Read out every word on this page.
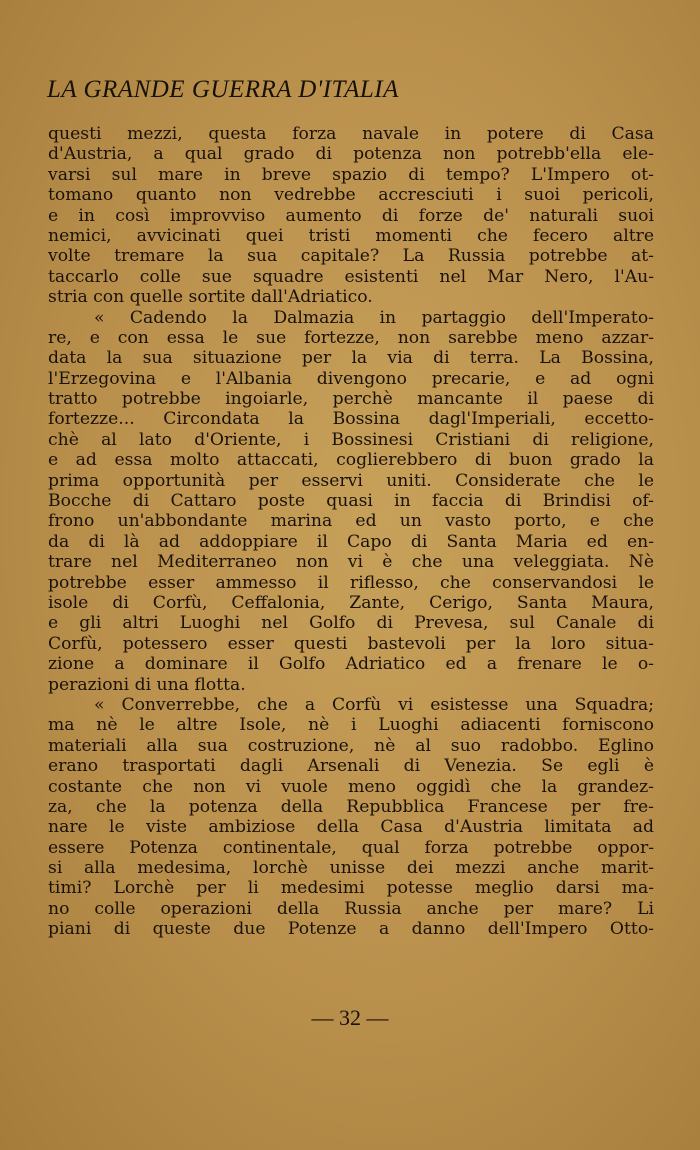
LA GRANDE GUERRA D'ITALIA
questi mezzi, questa forza navale in potere di Casa
d'Austria, a qual grado di potenza non potrebb'ella ele-
varsi sul mare in breve spazio di tempo? L'Impero ot-
tomano quanto non vedrebbe accresciuti i suoi pericoli,
e in così improvviso aumento di forze de' naturali suoi
nemici, avvicinati quei tristi momenti che fecero altre
volte tremare la sua capitale? La Russia potrebbe at-
taccarlo colle sue squadre esistenti nel Mar Nero, l'Au-
stria con quelle sortite dall'Adriatico.
« Cadendo la Dalmazia in partaggio dell'Imperato-
re, e con essa le sue fortezze, non sarebbe meno azzar-
data la sua situazione per la via di terra. La Bossina,
l'Erzegovina e l'Albania divengono precarie, e ad ogni
tratto potrebbe ingoiarle, perchè mancante il paese di
fortezze... Circondata la Bossina dagl'Imperiali, eccetto-
chè al lato d'Oriente, i Bossinesi Cristiani di religione,
e ad essa molto attaccati, coglierebbero di buon grado la
prima opportunità per esservi uniti. Considerate che le
Bocche di Cattaro poste quasi in faccia di Brindisi of-
frono un'abbondante marina ed un vasto porto, e che
da di là ad addoppiare il Capo di Santa Maria ed en-
trare nel Mediterraneo non vi è che una veleggiata. Nè
potrebbe esser ammesso il riflesso, che conservandosi le
isole di Corfù, Ceffalonia, Zante, Cerigo, Santa Maura,
e gli altri Luoghi nel Golfo di Prevesa, sul Canale di
Corfù, potessero esser questi bastevoli per la loro situa-
zione a dominare il Golfo Adriatico ed a frenare le o-
perazioni di una flotta.
« Converrebbe, che a Corfù vi esistesse una Squadra;
ma nè le altre Isole, nè i Luoghi adiacenti forniscono
materiali alla sua costruzione, nè al suo radobbo. Eglino
erano trasportati dagli Arsenali di Venezia. Se egli è
costante che non vi vuole meno oggidì che la grandez-
za, che la potenza della Repubblica Francese per fre-
nare le viste ambiziose della Casa d'Austria limitata ad
essere Potenza continentale, qual forza potrebbe oppor-
si alla medesima, lorchè unisse dei mezzi anche marit-
timi? Lorchè per li medesimi potesse meglio darsi ma-
no colle operazioni della Russia anche per mare? Li
piani di queste due Potenze a danno dell'Impero Otto-
— 32 —
